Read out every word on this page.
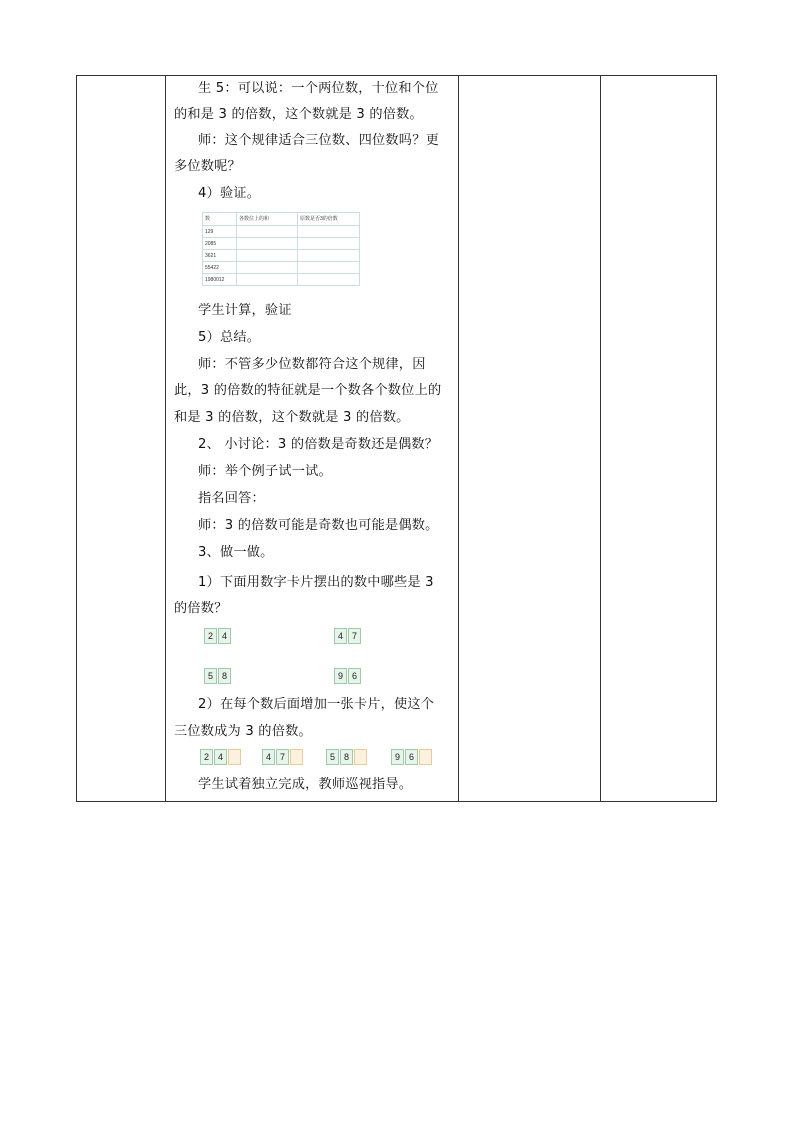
生 5：可以说：一个两位数，十位和个位
的和是 3 的倍数，这个数就是 3 的倍数。
师：这个规律适合三位数、四位数吗？更
多位数呢？
4）验证。
数	各数位上的和	原数是否3的倍数
129		
2085		
3621		
55422		
1980012		
学生计算，验证
5）总结。
师：不管多少位数都符合这个规律，因
此，3 的倍数的特征就是一个数各个数位上的
和是 3 的倍数，这个数就是 3 的倍数。
2、 小讨论：3 的倍数是奇数还是偶数？
师：举个例子试一试。
指名回答：
师：3 的倍数可能是奇数也可能是偶数。
3、做一做。
1）下面用数字卡片摆出的数中哪些是 3
的倍数？
2 4	4 7
5 8	9 6
2）在每个数后面增加一张卡片，使这个
三位数成为 3 的倍数。
2 4	4 7	5 8	9 6
学生试着独立完成，教师巡视指导。
